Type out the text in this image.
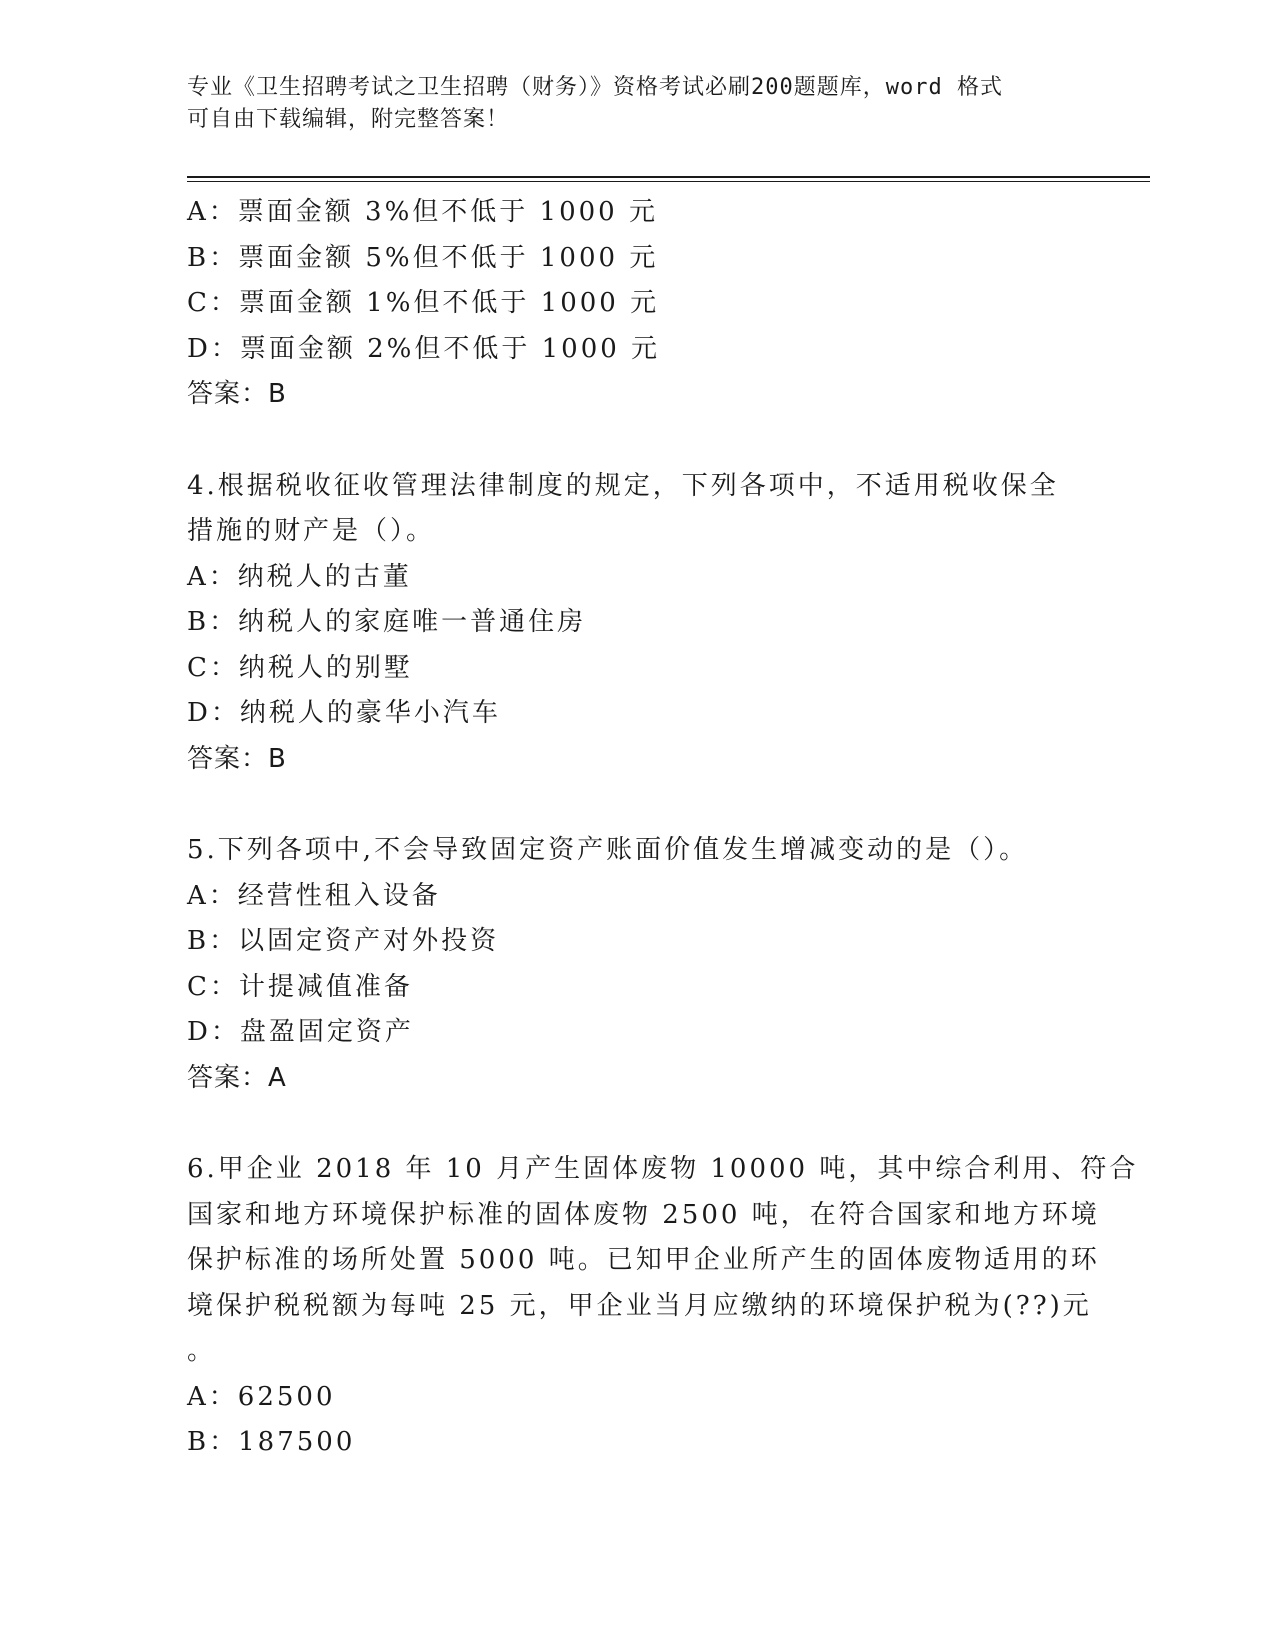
专业《卫生招聘考试之卫生招聘（财务）》资格考试必刷200题题库，word 格式
可自由下载编辑，附完整答案！
A：票面金额 3%但不低于 1000 元
B：票面金额 5%但不低于 1000 元
C：票面金额 1%但不低于 1000 元
D：票面金额 2%但不低于 1000 元
答案：B
4.根据税收征收管理法律制度的规定，下列各项中，不适用税收保全
措施的财产是（）。
A：纳税人的古董
B：纳税人的家庭唯一普通住房
C：纳税人的别墅
D：纳税人的豪华小汽车
答案：B
5.下列各项中,不会导致固定资产账面价值发生增减变动的是（）。
A：经营性租入设备
B：以固定资产对外投资
C：计提减值准备
D：盘盈固定资产
答案：A
6.甲企业 2018 年 10 月产生固体废物 10000 吨，其中综合利用、符合
国家和地方环境保护标准的固体废物 2500 吨，在符合国家和地方环境
保护标准的场所处置 5000 吨。已知甲企业所产生的固体废物适用的环
境保护税税额为每吨 25 元，甲企业当月应缴纳的环境保护税为(??)元
。
A：62500
B：187500
